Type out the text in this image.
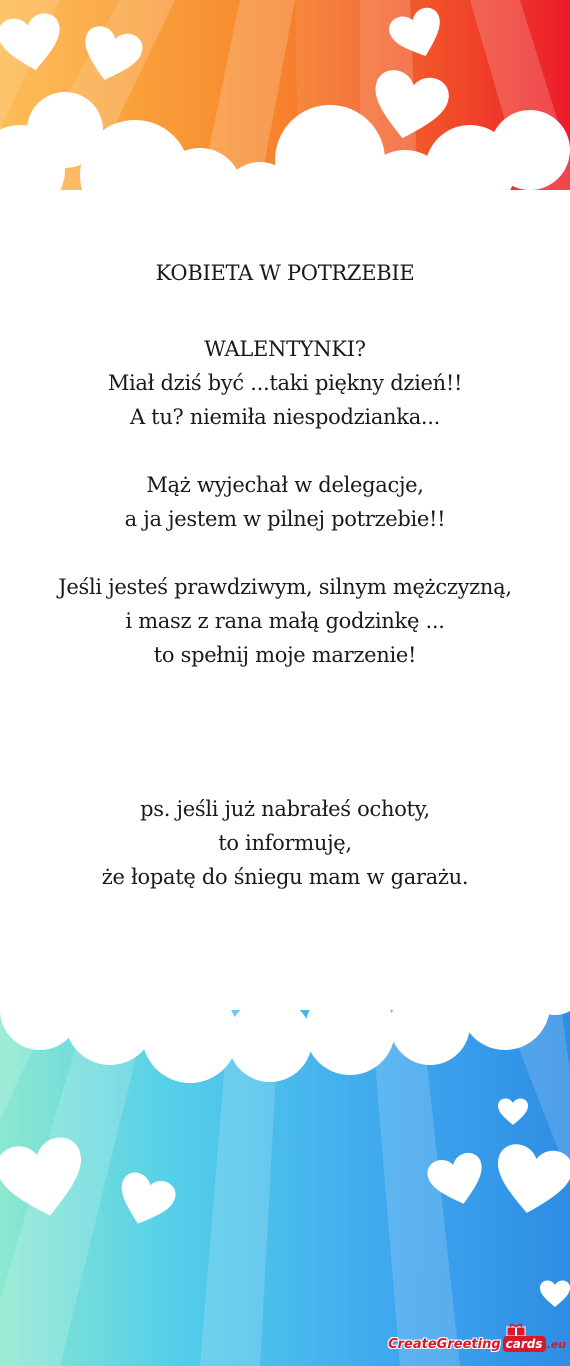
KOBIETA W POTRZEBIE
WALENTYNKI?
Miał dziś być ...taki piękny dzień!!
A tu? niemiła niespodzianka...
Mąż wyjechał w delegacje,
a ja jestem w pilnej potrzebie!!
Jeśli jesteś prawdziwym, silnym mężczyzną,
i masz z rana małą godzinkę ...
to spełnij moje marzenie!
ps. jeśli już nabrałeś ochoty,
to informuję,
że łopatę do śniegu mam w garażu.
CreateGreeting cards .eu
